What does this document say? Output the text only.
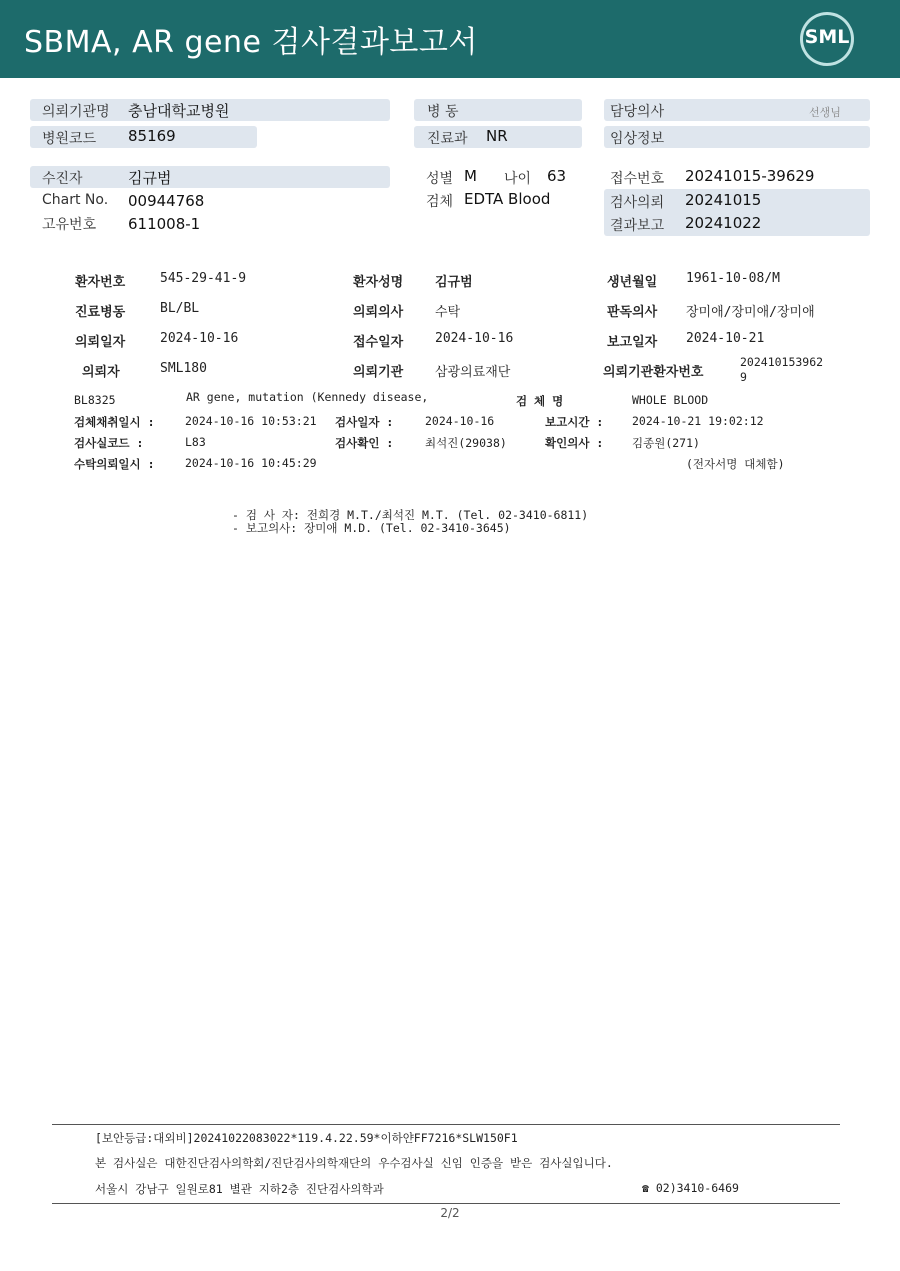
SBMA, AR gene 검사결과보고서	SML
의뢰기관명 충남대학교병원
병원코드 85169
병 동
진료과 NR
담당의사	선생님
임상정보
수진자	김규범
Chart No. 00944768
고유번호 611008-1
성별 M 나이 63
검체 EDTA Blood
접수번호 20241015-39629
검사의뢰 20241015
결과보고 20241022
환자번호	545-29-41-9	환자성명 김규범	생년월일 1961-10-08/M
진료병동	BL/BL	의뢰의사 수탁	판독의사 장미애/장미애/장미애
의뢰일자	2024-10-16	접수일자 2024-10-16	보고일자 2024-10-21
의뢰자	SML180	의뢰기관 삼광의료재단	의뢰기관환자번호
202410153962
9
BL8325	AR gene, mutation (Kennedy disease,	검 체 명	WHOLE BLOOD
검체채취일시 :	2024-10-16 10:53:21 검사일자 :	2024-10-16	보고시간 : 2024-10-21 19:02:12
검사실코드 :	L83	검사확인 :	최석진(29038)	확인의사 : 김종원(271)
수탁의뢰일시 :	2024-10-16 10:45:29	(전자서명 대체함)
- 검 사 자: 전희경 M.T./최석진 M.T. (Tel. 02-3410-6811)
- 보고의사: 장미애 M.D. (Tel. 02-3410-3645)
[보안등급:대외비]20241022083022*119.4.22.59*이하얀FF7216*SLW150F1
본 검사실은 대한진단검사의학회/진단검사의학재단의 우수검사실 신임 인증을 받은 검사실입니다.
서울시 강남구 일원로81 별관 지하2층 진단검사의학과	☎ 02)3410-6469
2/2
